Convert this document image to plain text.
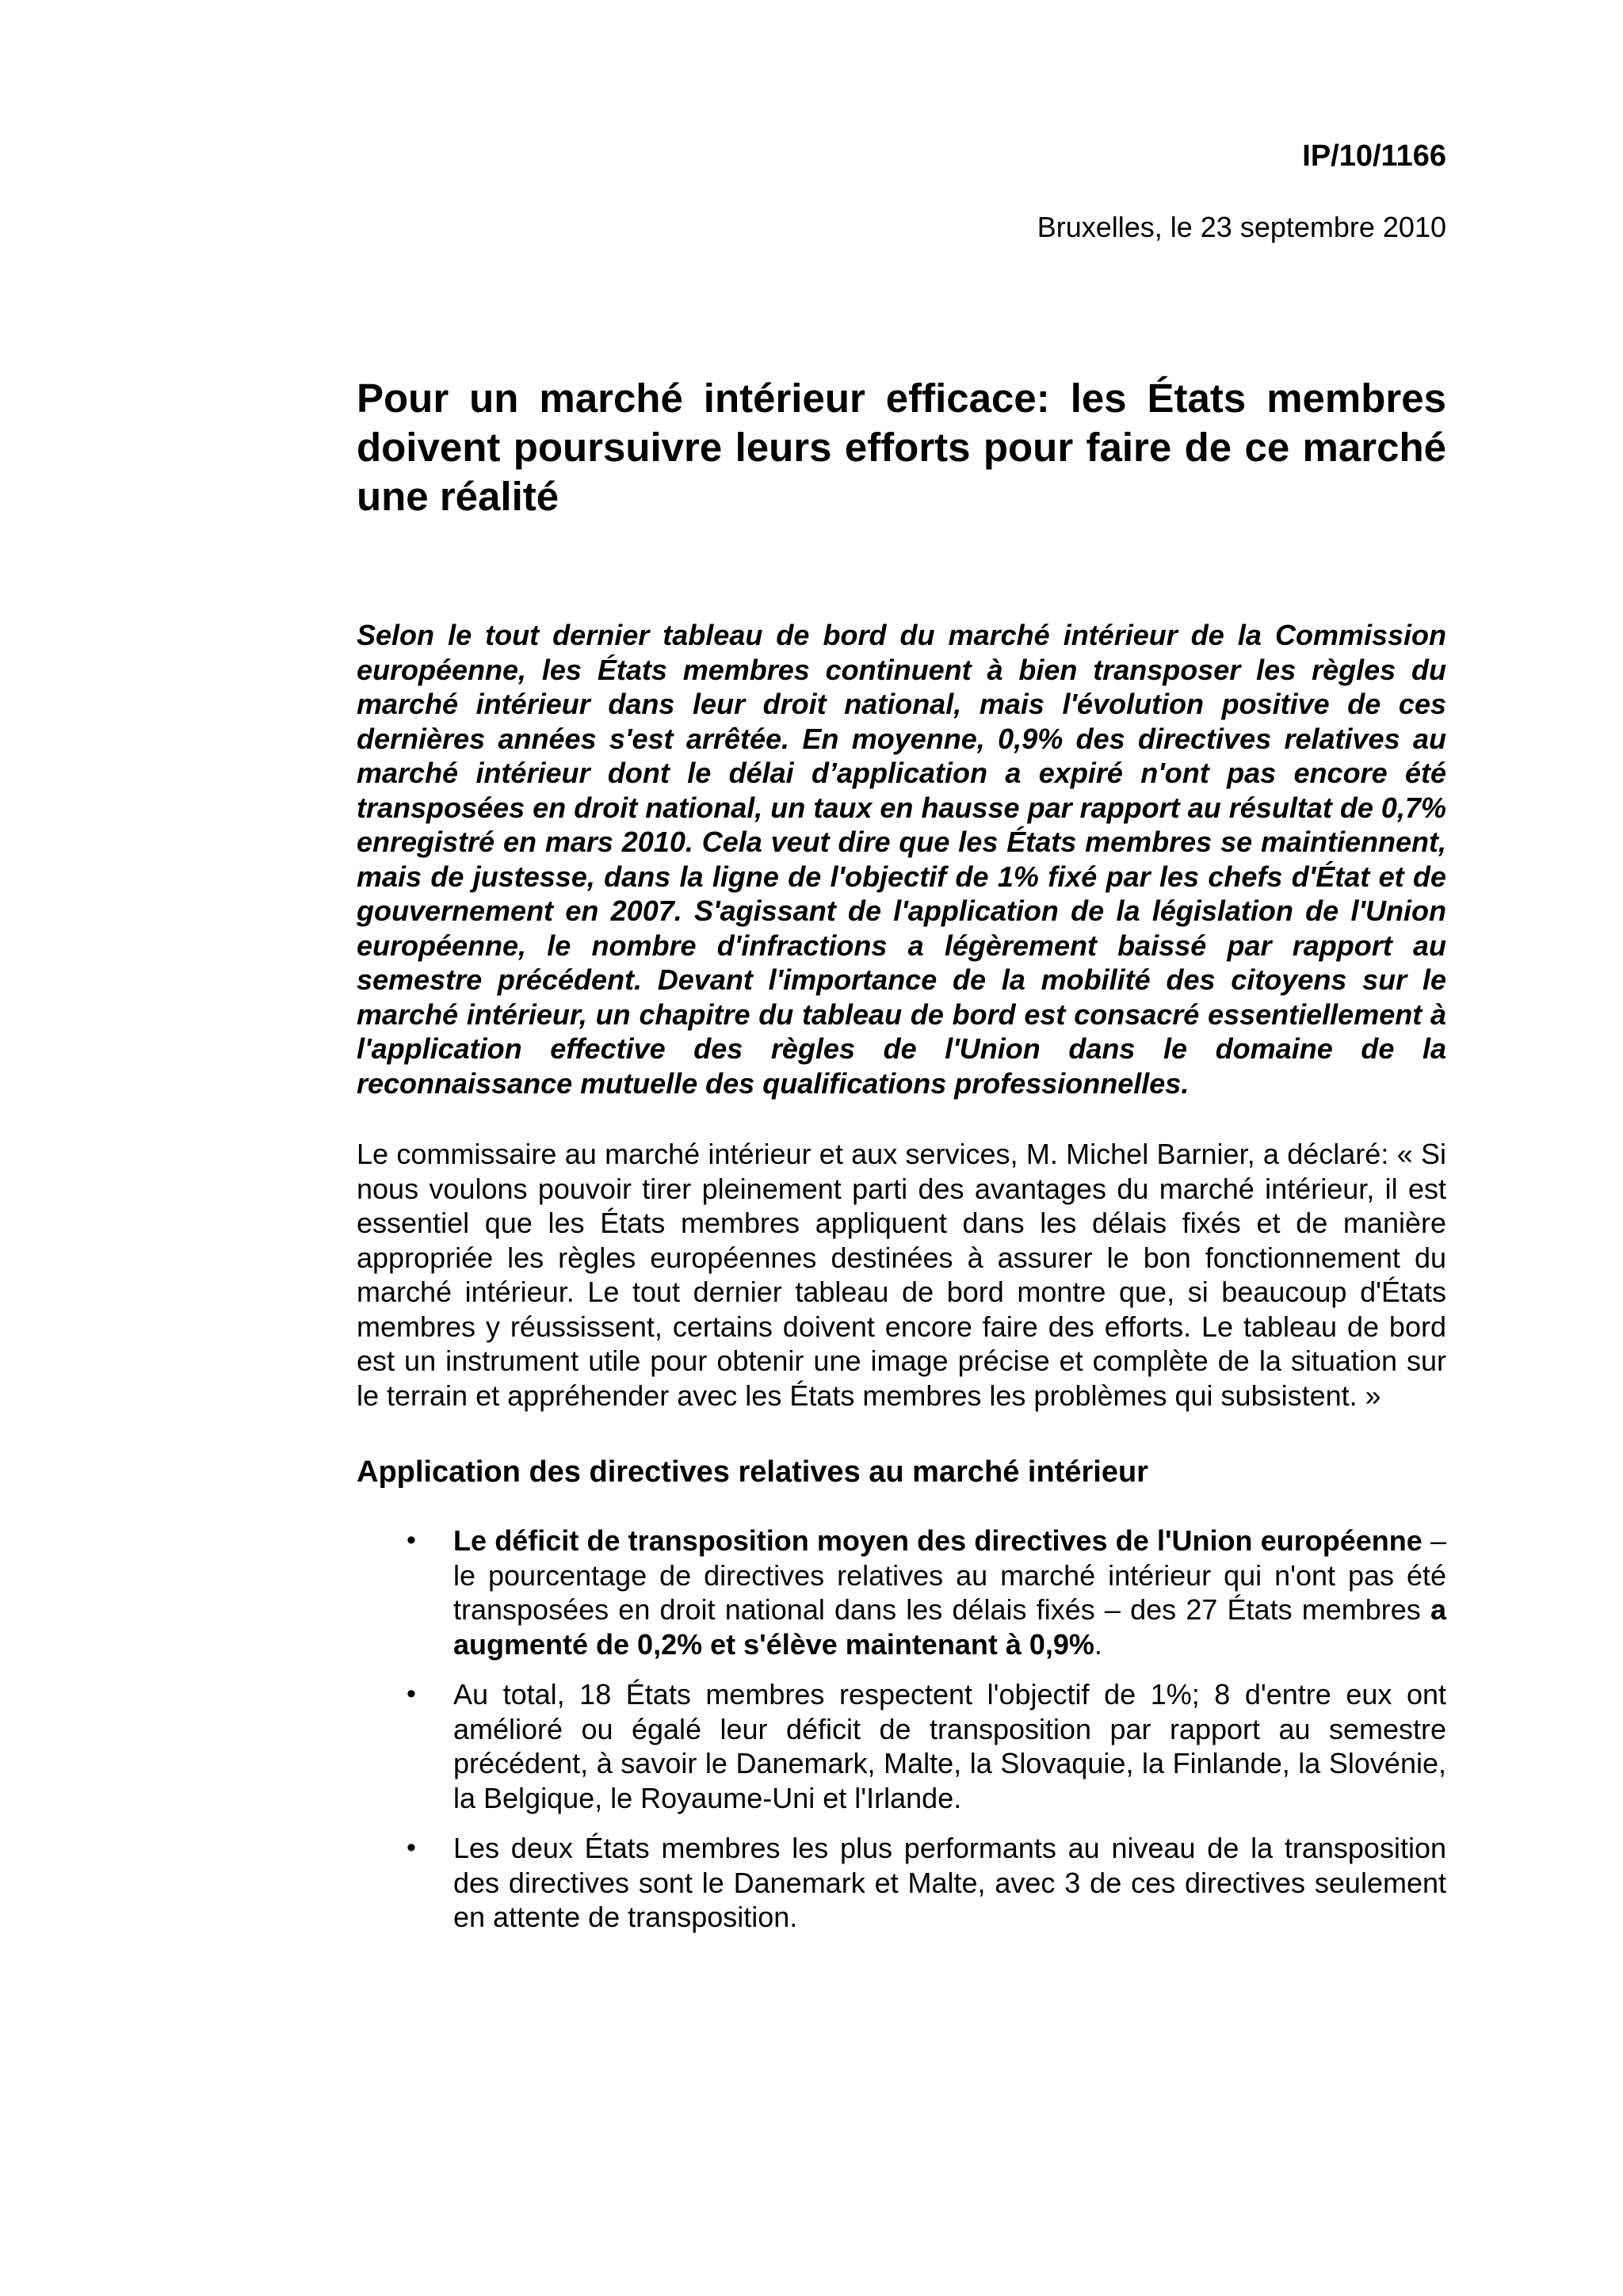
IP/10/1166

Bruxelles, le 23 septembre 2010

Pour un marché intérieur efficace: les États membres doivent poursuivre leurs efforts pour faire de ce marché une réalité

Selon le tout dernier tableau de bord du marché intérieur de la Commission européenne, les États membres continuent à bien transposer les règles du marché intérieur dans leur droit national, mais l'évolution positive de ces dernières années s'est arrêtée. En moyenne, 0,9% des directives relatives au marché intérieur dont le délai d’application a expiré n'ont pas encore été transposées en droit national, un taux en hausse par rapport au résultat de 0,7% enregistré en mars 2010. Cela veut dire que les États membres se maintiennent, mais de justesse, dans la ligne de l'objectif de 1% fixé par les chefs d'État et de gouvernement en 2007. S'agissant de l'application de la législation de l'Union européenne, le nombre d'infractions a légèrement baissé par rapport au semestre précédent. Devant l'importance de la mobilité des citoyens sur le marché intérieur, un chapitre du tableau de bord est consacré essentiellement à l'application effective des règles de l'Union dans le domaine de la reconnaissance mutuelle des qualifications professionnelles.

Le commissaire au marché intérieur et aux services, M. Michel Barnier, a déclaré: « Si nous voulons pouvoir tirer pleinement parti des avantages du marché intérieur, il est essentiel que les États membres appliquent dans les délais fixés et de manière appropriée les règles européennes destinées à assurer le bon fonctionnement du marché intérieur. Le tout dernier tableau de bord montre que, si beaucoup d'États membres y réussissent, certains doivent encore faire des efforts. Le tableau de bord est un instrument utile pour obtenir une image précise et complète de la situation sur le terrain et appréhender avec les États membres les problèmes qui subsistent. »

Application des directives relatives au marché intérieur
• Le déficit de transposition moyen des directives de l'Union européenne – le pourcentage de directives relatives au marché intérieur qui n'ont pas été transposées en droit national dans les délais fixés – des 27 États membres a augmenté de 0,2% et s'élève maintenant à 0,9%.
• Au total, 18 États membres respectent l'objectif de 1%; 8 d'entre eux ont amélioré ou égalé leur déficit de transposition par rapport au semestre précédent, à savoir le Danemark, Malte, la Slovaquie, la Finlande, la Slovénie, la Belgique, le Royaume-Uni et l'Irlande.
• Les deux États membres les plus performants au niveau de la transposition des directives sont le Danemark et Malte, avec 3 de ces directives seulement en attente de transposition.
